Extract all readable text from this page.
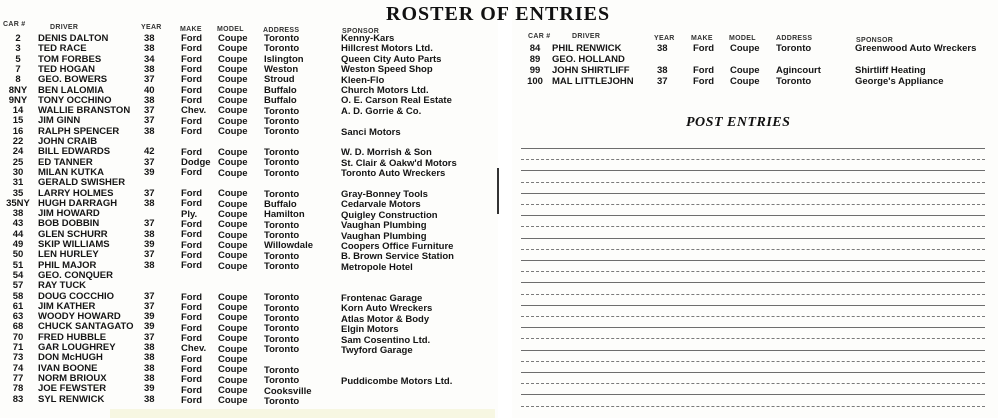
ROSTER OF ENTRIES
CAR #	DRIVER	YEAR	MAKE MODEL	ADDRESS	SPONSOR
2	DENIS DALTON	38	Ford Coupe Toronto	Kenny-Kars
3	TED RACE	38	Ford Coupe Toronto	Hillcrest Motors Ltd.
5	TOM FORBES	34	Ford Coupe Islington	Queen City Auto Parts
7	TED HOGAN	38	Ford Coupe Weston	Weston Speed Shop
8	GEO. BOWERS	37	Ford Coupe Stroud	Kleen-Flo
8NY	BEN LALOMIA	40	Ford Coupe Buffalo	Church Motors Ltd.
9NY	TONY OCCHINO	38	Ford Coupe Buffalo	O. E. Carson Real Estate
14	WALLIE BRANSTON 37	Chev. Coupe Toronto	A. D. Gorrie & Co.
15	JIM GINN	37	Ford Coupe Toronto
16	RALPH SPENCER	38	Ford Coupe Toronto	Sanci Motors
22	JOHN CRAIB
24	BILL EDWARDS	42	Ford Coupe Toronto	W. D. Morrish & Son
25	ED TANNER	37	Dodge Coupe Toronto	St. Clair & Oakw'd Motors
30	MILAN KUTKA	39	Ford Coupe Toronto	Toronto Auto Wreckers
31	GERALD SWISHER
35	LARRY HOLMES	37	Ford Coupe Toronto	Gray-Bonney Tools
35NY HUGH DARRAGH	38	Ford Coupe Buffalo	Cedarvale Motors
38	JIM HOWARD	Ply. Coupe Hamilton	Quigley Construction
43	BOB DOBBIN	37	Ford Coupe Toronto	Vaughan Plumbing
44	GLEN SCHURR	38	Ford Coupe Toronto	Vaughan Plumbing
49	SKIP WILLIAMS	39	Ford Coupe Willowdale	Coopers Office Furniture
50	LEN HURLEY	37	Ford Coupe Toronto	B. Brown Service Station
51	PHIL MAJOR	38	Ford Coupe Toronto	Metropole Hotel
54	GEO. CONQUER
57	RAY TUCK
58	DOUG COCCHIO	37	Ford Coupe Toronto	Frontenac Garage
61	JIM KATHER	37	Ford Coupe Toronto	Korn Auto Wreckers
63	WOODY HOWARD 39	Ford Coupe Toronto	Atlas Motor & Body
68	CHUCK SANTAGATO 39	Ford Coupe Toronto	Elgin Motors
70	FRED HUBBLE	37	Ford Coupe Toronto	Sam Cosentino Ltd.
71	GAR LOUGHREY	38	Chev. Coupe Toronto	Twyford Garage
73	DON McHUGH	38	Ford Coupe
74	IVAN BOONE	38	Ford Coupe Toronto
77	NORM BRIOUX	38	Ford Coupe Toronto	Puddicombe Motors Ltd.
78	JOE FEWSTER	39	Ford Coupe Cooksville
83	SYL RENWICK	38	Ford Coupe Toronto
CAR #	DRIVER	YEAR MAKE MODEL	ADDRESS	SPONSOR
84	PHIL RENWICK	38	Ford Coupe Toronto	Greenwood Auto Wreckers
89	GEO. HOLLAND
99	JOHN SHIRTLIFF	38	Ford Coupe Agincourt	Shirtliff Heating
100 MAL LITTLEJOHN 37	Ford Coupe Toronto	George's Appliance
POST ENTRIES
